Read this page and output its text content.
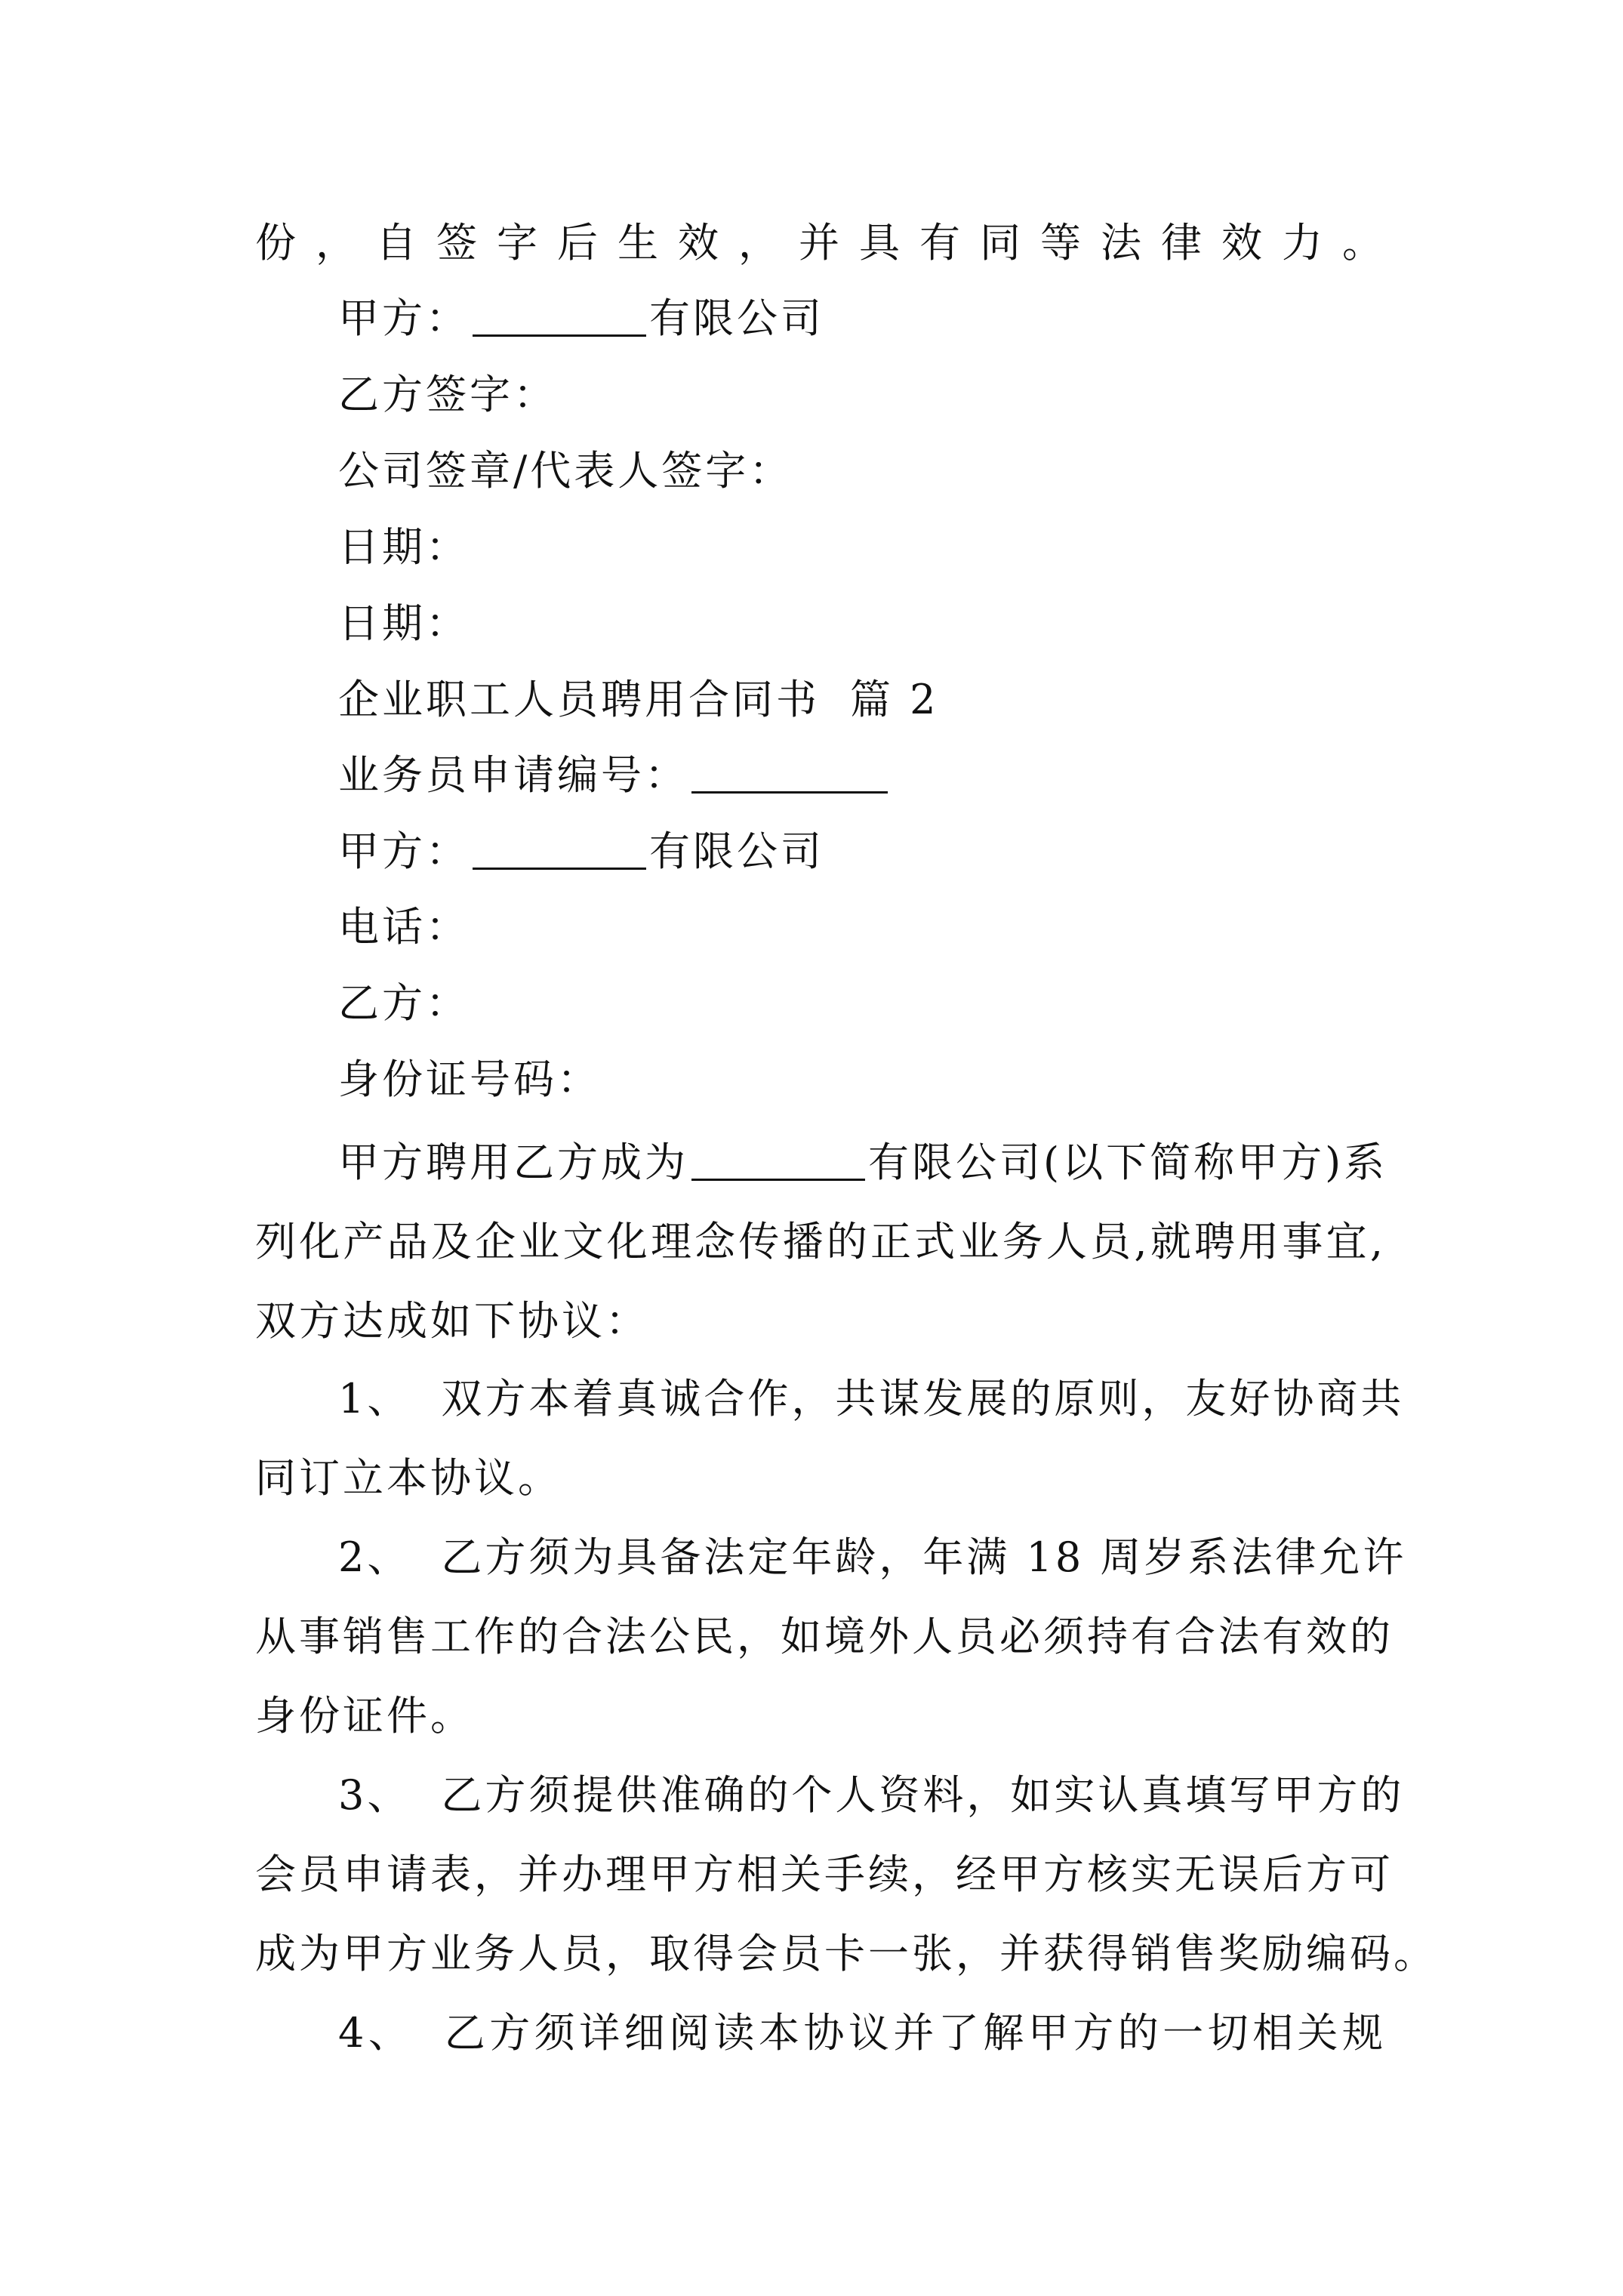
份，自签字后生效，并具有同等法律效力。
甲方：	有限公司
乙方签字：
公司签章/代表人签字：
日期：
日期：
企业职工人员聘用合同书 篇 2
业务员申请编号：
甲方：	有限公司
电话：
乙方：
身份证号码：
甲方聘用乙方成为	有限公司(以下简称甲方)系
列化产品及企业文化理念传播的正式业务人员,就聘用事宜,
双方达成如下协议：
1、 双方本着真诚合作，共谋发展的原则，友好协商共
同订立本协议。
2、 乙方须为具备法定年龄，年满 18 周岁系法律允许
从事销售工作的合法公民，如境外人员必须持有合法有效的
身份证件。
3、 乙方须提供准确的个人资料，如实认真填写甲方的
会员申请表，并办理甲方相关手续，经甲方核实无误后方可
成为甲方业务人员，取得会员卡一张，并获得销售奖励编码。
4、 乙方须详细阅读本协议并了解甲方的一切相关规
